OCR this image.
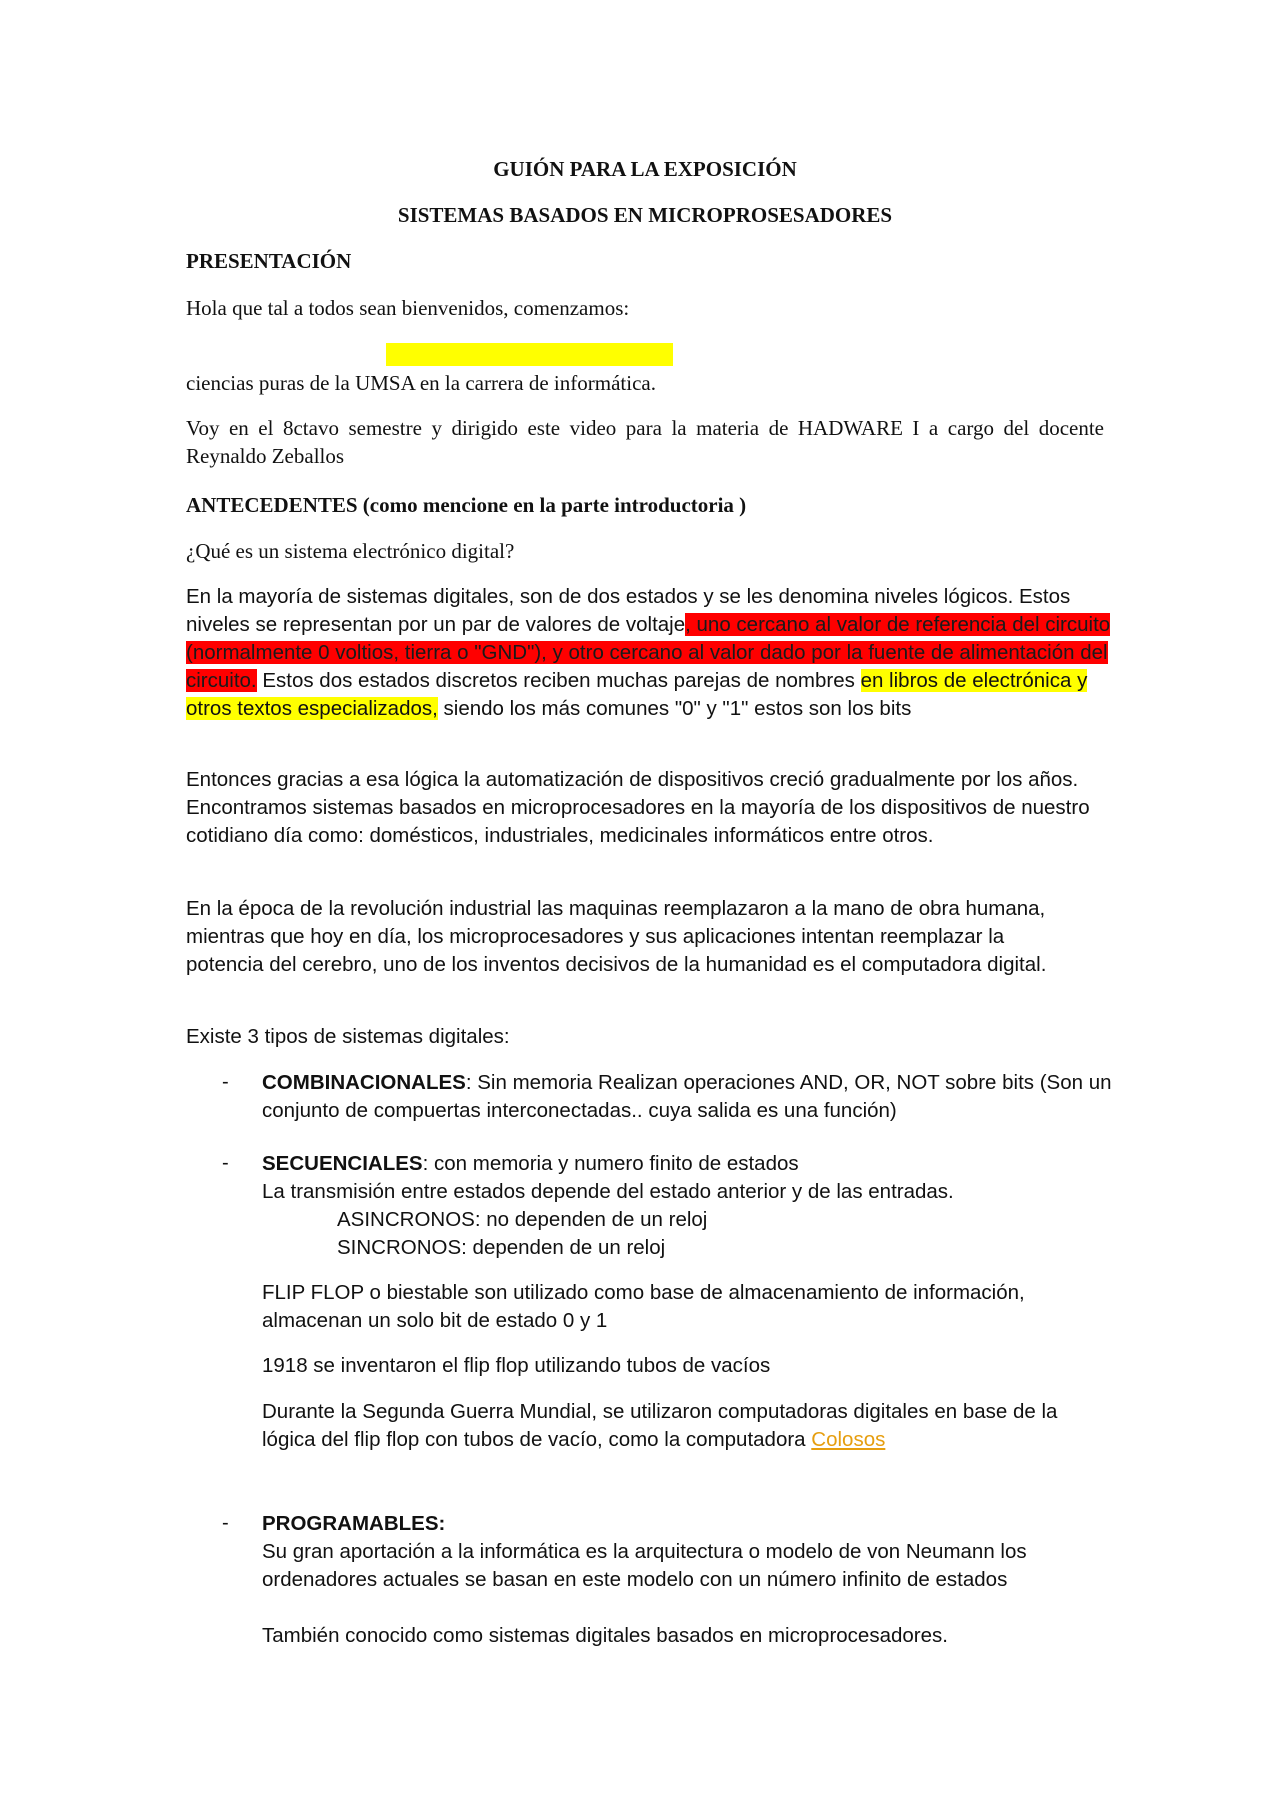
GUIÓN PARA LA EXPOSICIÓN
SISTEMAS BASADOS EN MICROPROSESADORES
PRESENTACIÓN
Hola que tal a todos sean bienvenidos, comenzamos:
ciencias puras de la UMSA en la carrera de informática.
Voy en el 8ctavo semestre y dirigido este video para la materia de HADWARE I a cargo del docente Reynaldo Zeballos
ANTECEDENTES (como mencione en la parte introductoria )
¿Qué es un sistema electrónico digital?
En la mayoría de sistemas digitales, son de dos estados y se les denomina niveles lógicos. Estos niveles se representan por un par de valores de voltaje, uno cercano al valor de referencia del circuito (normalmente 0 voltios, tierra o "GND"), y otro cercano al valor dado por la fuente de alimentación del circuito. Estos dos estados discretos reciben muchas parejas de nombres en libros de electrónica y otros textos especializados, siendo los más comunes "0" y "1" estos son los bits
Entonces gracias a esa lógica la automatización de dispositivos creció gradualmente por los años. Encontramos sistemas basados en microprocesadores en la mayoría de los dispositivos de nuestro cotidiano día como: domésticos, industriales, medicinales informáticos entre otros.
En la época de la revolución industrial las maquinas reemplazaron a la mano de obra humana, mientras que hoy en día, los microprocesadores y sus aplicaciones intentan reemplazar la potencia del cerebro, uno de los inventos decisivos de la humanidad es el computadora digital.
Existe 3 tipos de sistemas digitales:
- COMBINACIONALES: Sin memoria Realizan operaciones AND, OR, NOT sobre bits (Son un conjunto de compuertas interconectadas.. cuya salida es una función)
- SECUENCIALES: con memoria y numero finito de estados
La transmisión entre estados depende del estado anterior y de las entradas.
ASINCRONOS: no dependen de un reloj
SINCRONOS: dependen de un reloj
FLIP FLOP o biestable son utilizado como base de almacenamiento de información, almacenan un solo bit de estado 0 y 1
1918 se inventaron el flip flop utilizando tubos de vacíos
Durante la Segunda Guerra Mundial, se utilizaron computadoras digitales en base de la lógica del flip flop con tubos de vacío, como la computadora Colosos
- PROGRAMABLES:
Su gran aportación a la informática es la arquitectura o modelo de von Neumann los ordenadores actuales se basan en este modelo con un número infinito de estados
También conocido como sistemas digitales basados en microprocesadores.
